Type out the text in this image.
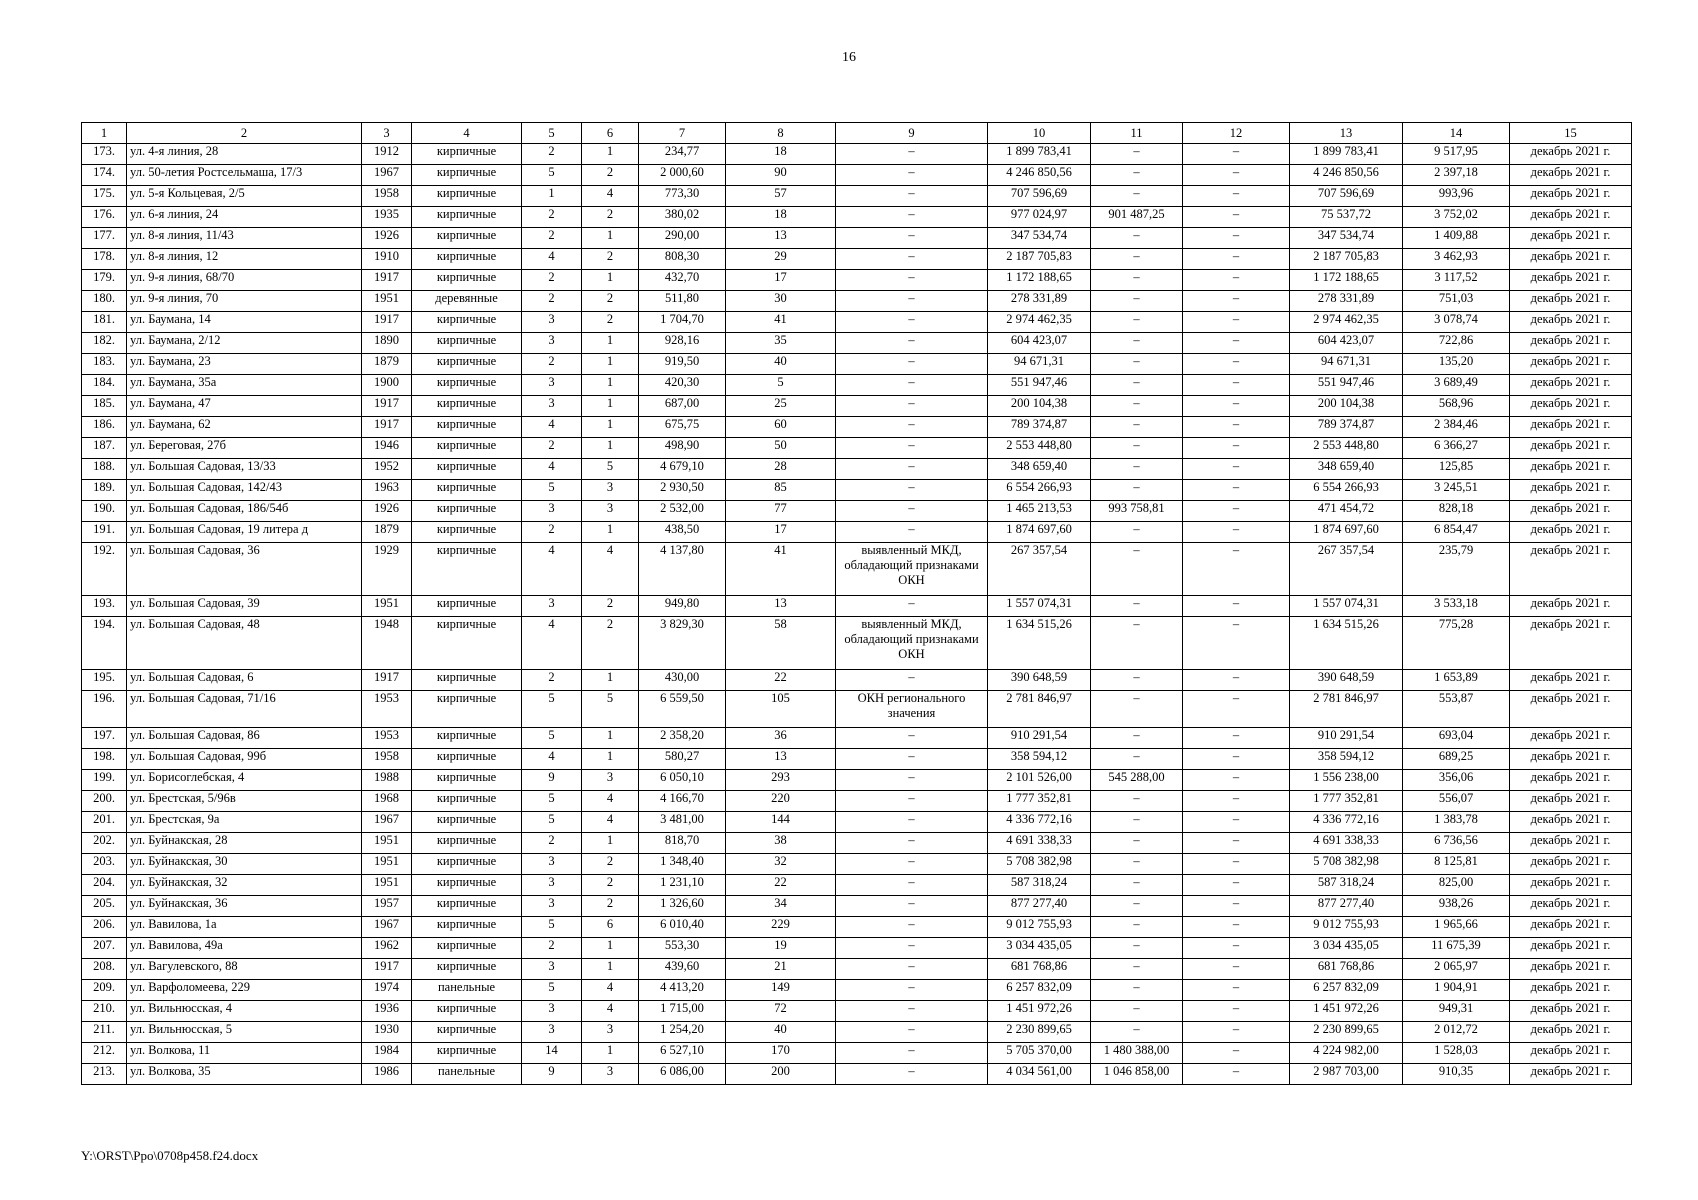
16
1	2	3	4	5	6	7	8	9	10	11	12	13	14	15
173.	ул. 4-я линия, 28	1912	кирпичные	2	1	234,77	18	–	1 899 783,41	–	–	1 899 783,41	9 517,95	декабрь 2021 г.
174.	ул. 50-летия Ростсельмаша, 17/3	1967	кирпичные	5	2	2 000,60	90	–	4 246 850,56	–	–	4 246 850,56	2 397,18	декабрь 2021 г.
175.	ул. 5-я Кольцевая, 2/5	1958	кирпичные	1	4	773,30	57	–	707 596,69	–	–	707 596,69	993,96	декабрь 2021 г.
176.	ул. 6-я линия, 24	1935	кирпичные	2	2	380,02	18	–	977 024,97	901 487,25	–	75 537,72	3 752,02	декабрь 2021 г.
177.	ул. 8-я линия, 11/43	1926	кирпичные	2	1	290,00	13	–	347 534,74	–	–	347 534,74	1 409,88	декабрь 2021 г.
178.	ул. 8-я линия, 12	1910	кирпичные	4	2	808,30	29	–	2 187 705,83	–	–	2 187 705,83	3 462,93	декабрь 2021 г.
179.	ул. 9-я линия, 68/70	1917	кирпичные	2	1	432,70	17	–	1 172 188,65	–	–	1 172 188,65	3 117,52	декабрь 2021 г.
180.	ул. 9-я линия, 70	1951	деревянные	2	2	511,80	30	–	278 331,89	–	–	278 331,89	751,03	декабрь 2021 г.
181.	ул. Баумана, 14	1917	кирпичные	3	2	1 704,70	41	–	2 974 462,35	–	–	2 974 462,35	3 078,74	декабрь 2021 г.
182.	ул. Баумана, 2/12	1890	кирпичные	3	1	928,16	35	–	604 423,07	–	–	604 423,07	722,86	декабрь 2021 г.
183.	ул. Баумана, 23	1879	кирпичные	2	1	919,50	40	–	94 671,31	–	–	94 671,31	135,20	декабрь 2021 г.
184.	ул. Баумана, 35а	1900	кирпичные	3	1	420,30	5	–	551 947,46	–	–	551 947,46	3 689,49	декабрь 2021 г.
185.	ул. Баумана, 47	1917	кирпичные	3	1	687,00	25	–	200 104,38	–	–	200 104,38	568,96	декабрь 2021 г.
186.	ул. Баумана, 62	1917	кирпичные	4	1	675,75	60	–	789 374,87	–	–	789 374,87	2 384,46	декабрь 2021 г.
187.	ул. Береговая, 27б	1946	кирпичные	2	1	498,90	50	–	2 553 448,80	–	–	2 553 448,80	6 366,27	декабрь 2021 г.
188.	ул. Большая Садовая, 13/33	1952	кирпичные	4	5	4 679,10	28	–	348 659,40	–	–	348 659,40	125,85	декабрь 2021 г.
189.	ул. Большая Садовая, 142/43	1963	кирпичные	5	3	2 930,50	85	–	6 554 266,93	–	–	6 554 266,93	3 245,51	декабрь 2021 г.
190.	ул. Большая Садовая, 186/54б	1926	кирпичные	3	3	2 532,00	77	–	1 465 213,53	993 758,81	–	471 454,72	828,18	декабрь 2021 г.
191.	ул. Большая Садовая, 19 литера д	1879	кирпичные	2	1	438,50	17	–	1 874 697,60	–	–	1 874 697,60	6 854,47	декабрь 2021 г.
192.	ул. Большая Садовая, 36	1929	кирпичные	4	4	4 137,80	41	выявленный МКД, обладающий признаками ОКН	267 357,54	–	–	267 357,54	235,79	декабрь 2021 г.
193.	ул. Большая Садовая, 39	1951	кирпичные	3	2	949,80	13	–	1 557 074,31	–	–	1 557 074,31	3 533,18	декабрь 2021 г.
194.	ул. Большая Садовая, 48	1948	кирпичные	4	2	3 829,30	58	выявленный МКД, обладающий признаками ОКН	1 634 515,26	–	–	1 634 515,26	775,28	декабрь 2021 г.
195.	ул. Большая Садовая, 6	1917	кирпичные	2	1	430,00	22	–	390 648,59	–	–	390 648,59	1 653,89	декабрь 2021 г.
196.	ул. Большая Садовая, 71/16	1953	кирпичные	5	5	6 559,50	105	ОКН регионального значения	2 781 846,97	–	–	2 781 846,97	553,87	декабрь 2021 г.
197.	ул. Большая Садовая, 86	1953	кирпичные	5	1	2 358,20	36	–	910 291,54	–	–	910 291,54	693,04	декабрь 2021 г.
198.	ул. Большая Садовая, 99б	1958	кирпичные	4	1	580,27	13	–	358 594,12	–	–	358 594,12	689,25	декабрь 2021 г.
199.	ул. Борисоглебская, 4	1988	кирпичные	9	3	6 050,10	293	–	2 101 526,00	545 288,00	–	1 556 238,00	356,06	декабрь 2021 г.
200.	ул. Брестская, 5/96в	1968	кирпичные	5	4	4 166,70	220	–	1 777 352,81	–	–	1 777 352,81	556,07	декабрь 2021 г.
201.	ул. Брестская, 9а	1967	кирпичные	5	4	3 481,00	144	–	4 336 772,16	–	–	4 336 772,16	1 383,78	декабрь 2021 г.
202.	ул. Буйнакская, 28	1951	кирпичные	2	1	818,70	38	–	4 691 338,33	–	–	4 691 338,33	6 736,56	декабрь 2021 г.
203.	ул. Буйнакская, 30	1951	кирпичные	3	2	1 348,40	32	–	5 708 382,98	–	–	5 708 382,98	8 125,81	декабрь 2021 г.
204.	ул. Буйнакская, 32	1951	кирпичные	3	2	1 231,10	22	–	587 318,24	–	–	587 318,24	825,00	декабрь 2021 г.
205.	ул. Буйнакская, 36	1957	кирпичные	3	2	1 326,60	34	–	877 277,40	–	–	877 277,40	938,26	декабрь 2021 г.
206.	ул. Вавилова, 1а	1967	кирпичные	5	6	6 010,40	229	–	9 012 755,93	–	–	9 012 755,93	1 965,66	декабрь 2021 г.
207.	ул. Вавилова, 49а	1962	кирпичные	2	1	553,30	19	–	3 034 435,05	–	–	3 034 435,05	11 675,39	декабрь 2021 г.
208.	ул. Вагулевского, 88	1917	кирпичные	3	1	439,60	21	–	681 768,86	–	–	681 768,86	2 065,97	декабрь 2021 г.
209.	ул. Варфоломеева, 229	1974	панельные	5	4	4 413,20	149	–	6 257 832,09	–	–	6 257 832,09	1 904,91	декабрь 2021 г.
210.	ул. Вильнюсская, 4	1936	кирпичные	3	4	1 715,00	72	–	1 451 972,26	–	–	1 451 972,26	949,31	декабрь 2021 г.
211.	ул. Вильнюсская, 5	1930	кирпичные	3	3	1 254,20	40	–	2 230 899,65	–	–	2 230 899,65	2 012,72	декабрь 2021 г.
212.	ул. Волкова, 11	1984	кирпичные	14	1	6 527,10	170	–	5 705 370,00	1 480 388,00	–	4 224 982,00	1 528,03	декабрь 2021 г.
213.	ул. Волкова, 35	1986	панельные	9	3	6 086,00	200	–	4 034 561,00	1 046 858,00	–	2 987 703,00	910,35	декабрь 2021 г.
Y:\ORST\Ppo\0708p458.f24.docx
